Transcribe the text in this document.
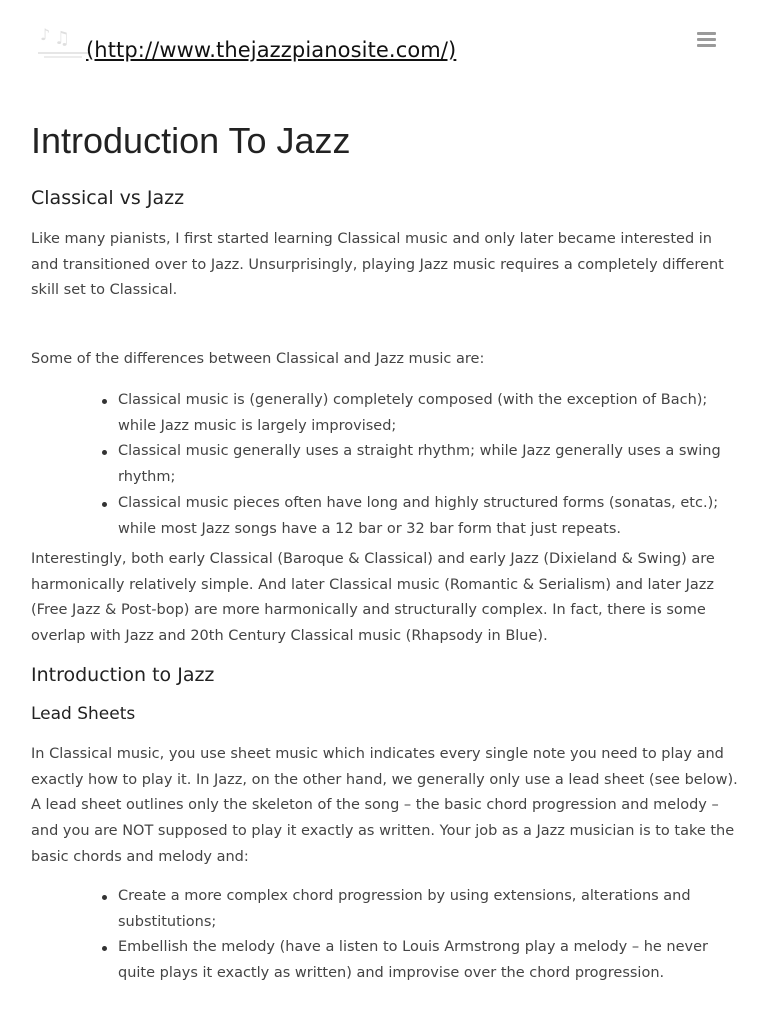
♪ ♫ (http://www.thejazzpianosite.com/)
Introduction To Jazz
Classical vs Jazz

Like many pianists, I first started learning Classical music and only later became interested in and transitioned over to Jazz. Unsurprisingly, playing Jazz music requires a completely different skill set to Classical.

Some of the differences between Classical and Jazz music are:

Classical music is (generally) completely composed (with the exception of Bach); while Jazz music is largely improvised;
Classical music generally uses a straight rhythm; while Jazz generally uses a swing rhythm;
Classical music pieces often have long and highly structured forms (sonatas, etc.); while most Jazz songs have a 12 bar or 32 bar form that just repeats.

Interestingly, both early Classical (Baroque & Classical) and early Jazz (Dixieland & Swing) are harmonically relatively simple. And later Classical music (Romantic & Serialism) and later Jazz (Free Jazz & Post-bop) are more harmonically and structurally complex. In fact, there is some overlap with Jazz and 20th Century Classical music (Rhapsody in Blue).

Introduction to Jazz
Lead Sheets

In Classical music, you use sheet music which indicates every single note you need to play and exactly how to play it. In Jazz, on the other hand, we generally only use a lead sheet (see below). A lead sheet outlines only the skeleton of the song – the basic chord progression and melody – and you are NOT supposed to play it exactly as written. Your job as a Jazz musician is to take the basic chords and melody and:

Create a more complex chord progression by using extensions, alterations and substitutions;
Embellish the melody (have a listen to Louis Armstrong play a melody – he never quite plays it exactly as written) and improvise over the chord progression.
